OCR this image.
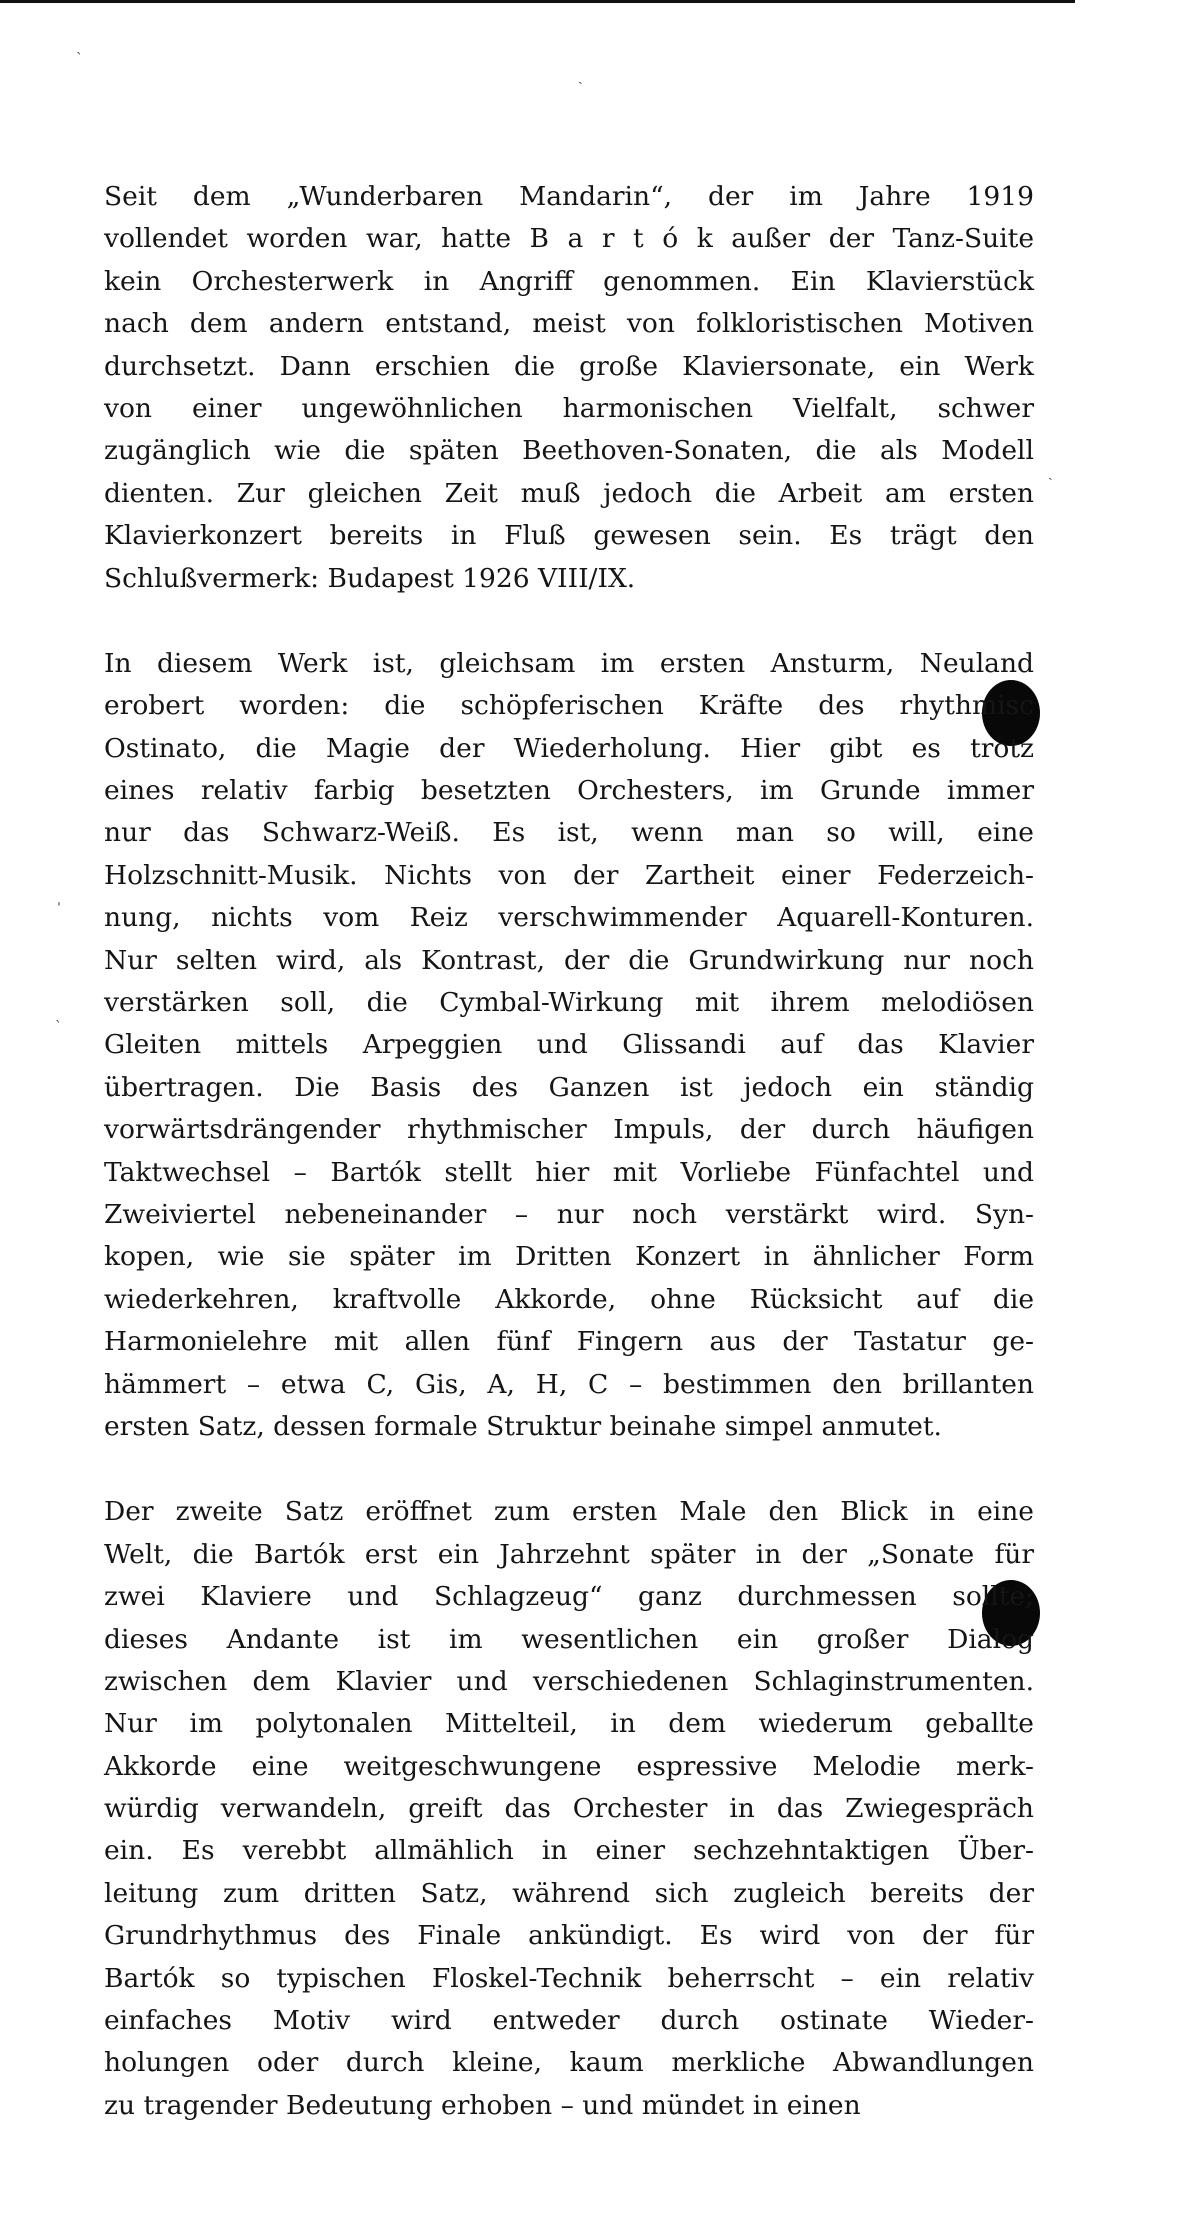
ˋ
ˏ
ˏ
ˈ
ˋ
Seit dem „Wunderbaren Mandarin“, der im Jahre 1919
vollendet worden war, hatte B a r t ó k außer der Tanz-Suite
kein Orchesterwerk in Angriff genommen. Ein Klavierstück
nach dem andern entstand, meist von folkloristischen Motiven
durchsetzt. Dann erschien die große Klaviersonate, ein Werk
von einer ungewöhnlichen harmonischen Vielfalt, schwer
zugänglich wie die späten Beethoven-Sonaten, die als Modell
dienten. Zur gleichen Zeit muß jedoch die Arbeit am ersten
Klavierkonzert bereits in Fluß gewesen sein. Es trägt den
Schlußvermerk: Budapest 1926 VIII/IX.
In diesem Werk ist, gleichsam im ersten Ansturm, Neuland
erobert worden: die schöpferischen Kräfte des rhythmisc
Ostinato, die Magie der Wiederholung. Hier gibt es trotz
eines relativ farbig besetzten Orchesters, im Grunde immer
nur das Schwarz-Weiß. Es ist, wenn man so will, eine
Holzschnitt-Musik. Nichts von der Zartheit einer Federzeich-
nung, nichts vom Reiz verschwimmender Aquarell-Konturen.
Nur selten wird, als Kontrast, der die Grundwirkung nur noch
verstärken soll, die Cymbal-Wirkung mit ihrem melodiösen
Gleiten mittels Arpeggien und Glissandi auf das Klavier
übertragen. Die Basis des Ganzen ist jedoch ein ständig
vorwärtsdrängender rhythmischer Impuls, der durch häufigen
Taktwechsel – Bartók stellt hier mit Vorliebe Fünfachtel und
Zweiviertel nebeneinander – nur noch verstärkt wird. Syn-
kopen, wie sie später im Dritten Konzert in ähnlicher Form
wiederkehren, kraftvolle Akkorde, ohne Rücksicht auf die
Harmonielehre mit allen fünf Fingern aus der Tastatur ge-
hämmert – etwa C, Gis, A, H, C – bestimmen den brillanten
ersten Satz, dessen formale Struktur beinahe simpel anmutet.
Der zweite Satz eröffnet zum ersten Male den Blick in eine
Welt, die Bartók erst ein Jahrzehnt später in der „Sonate für
zwei Klaviere und Schlagzeug“ ganz durchmessen sollte;
dieses Andante ist im wesentlichen ein großer Dialog
zwischen dem Klavier und verschiedenen Schlaginstrumenten.
Nur im polytonalen Mittelteil, in dem wiederum geballte
Akkorde eine weitgeschwungene espressive Melodie merk-
würdig verwandeln, greift das Orchester in das Zwiegespräch
ein. Es verebbt allmählich in einer sechzehntaktigen Über-
leitung zum dritten Satz, während sich zugleich bereits der
Grundrhythmus des Finale ankündigt. Es wird von der für
Bartók so typischen Floskel-Technik beherrscht – ein relativ
einfaches Motiv wird entweder durch ostinate Wieder-
holungen oder durch kleine, kaum merkliche Abwandlungen
zu tragender Bedeutung erhoben – und mündet in einen
